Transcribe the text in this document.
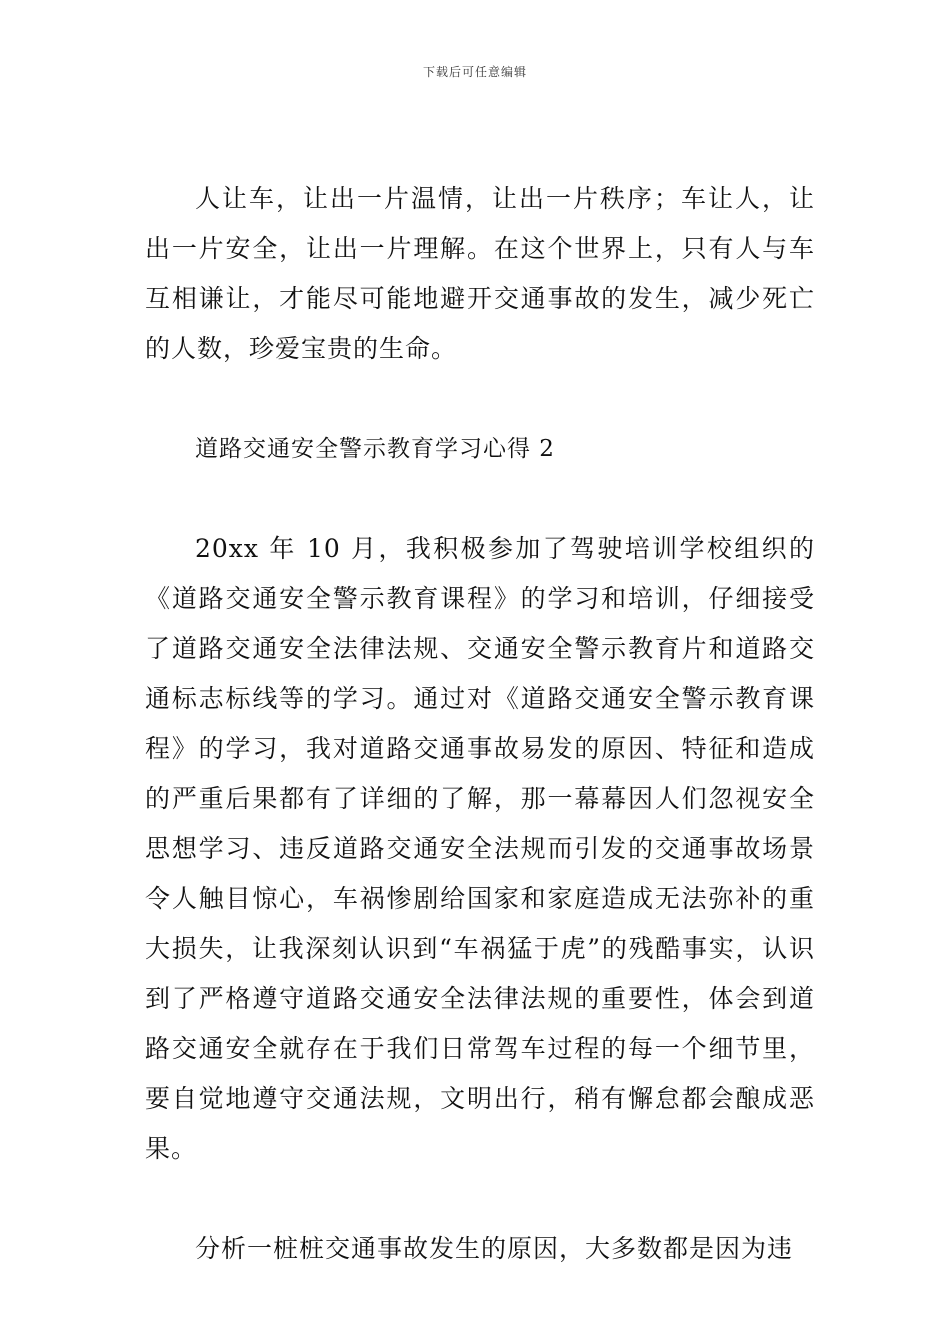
下载后可任意编辑

人让车，让出一片温情，让出一片秩序；车让人，让出一片安全，让出一片理解。在这个世界上，只有人与车互相谦让，才能尽可能地避开交通事故的发生，减少死亡的人数，珍爱宝贵的生命。

道路交通安全警示教育学习心得 2

20xx 年 10 月，我积极参加了驾驶培训学校组织的《道路交通安全警示教育课程》的学习和培训，仔细接受了道路交通安全法律法规、交通安全警示教育片和道路交通标志标线等的学习。通过对《道路交通安全警示教育课程》的学习，我对道路交通事故易发的原因、特征和造成的严重后果都有了详细的了解，那一幕幕因人们忽视安全思想学习、违反道路交通安全法规而引发的交通事故场景令人触目惊心，车祸惨剧给国家和家庭造成无法弥补的重大损失，让我深刻认识到“车祸猛于虎”的残酷事实，认识到了严格遵守道路交通安全法律法规的重要性，体会到道路交通安全就存在于我们日常驾车过程的每一个细节里，要自觉地遵守交通法规，文明出行，稍有懈怠都会酿成恶果。

分析一桩桩交通事故发生的原因，大多数都是因为违
